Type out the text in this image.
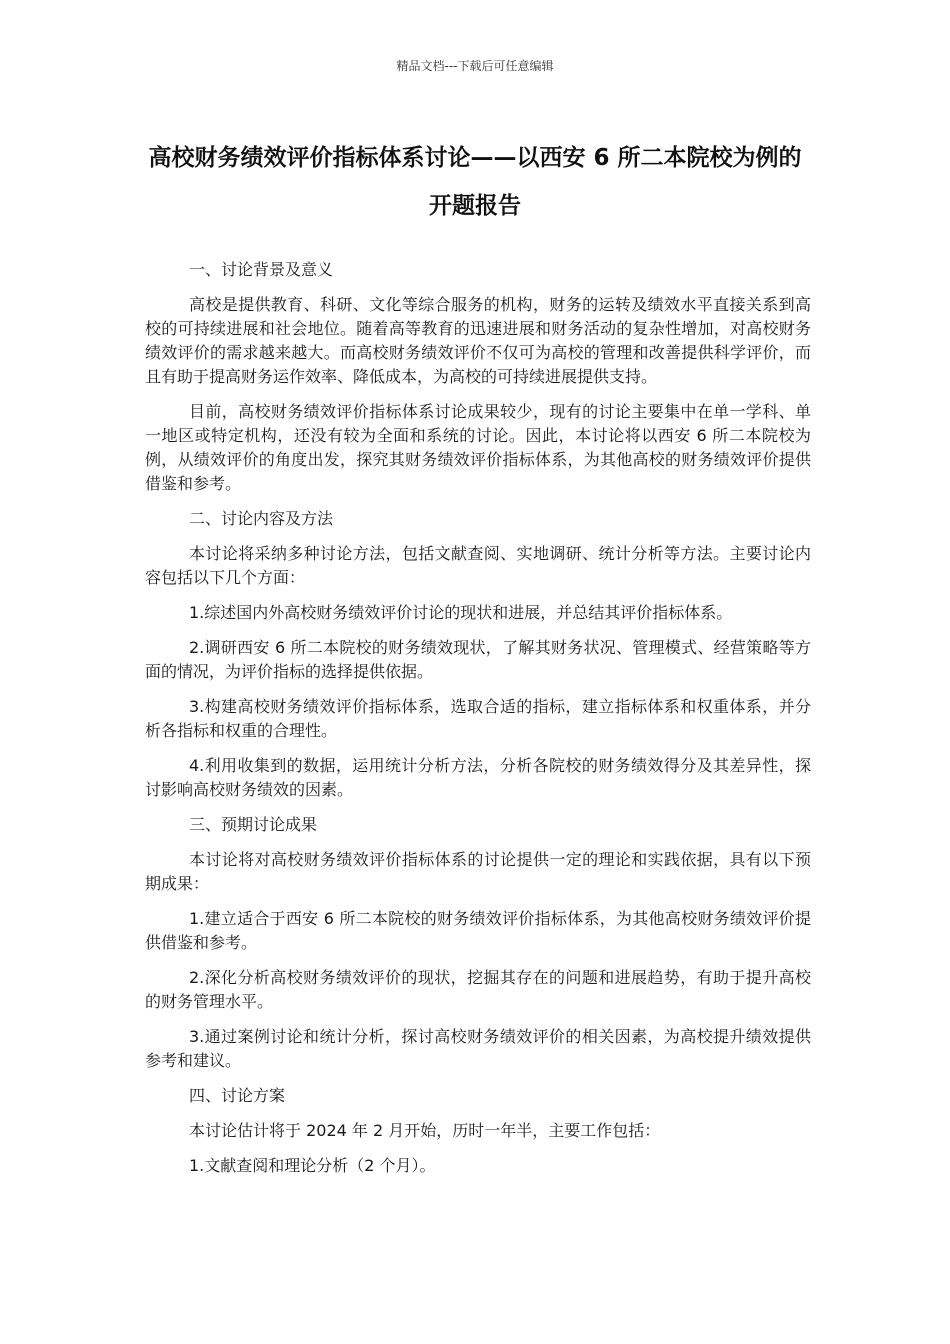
精品文档---下载后可任意编辑
高校财务绩效评价指标体系讨论——以西安 6 所二本院校为例的开题报告

一、讨论背景及意义

高校是提供教育、科研、文化等综合服务的机构，财务的运转及绩效水平直接关系到高校的可持续进展和社会地位。随着高等教育的迅速进展和财务活动的复杂性增加，对高校财务绩效评价的需求越来越大。而高校财务绩效评价不仅可为高校的管理和改善提供科学评价，而且有助于提高财务运作效率、降低成本，为高校的可持续进展提供支持。

目前，高校财务绩效评价指标体系讨论成果较少，现有的讨论主要集中在单一学科、单一地区或特定机构，还没有较为全面和系统的讨论。因此，本讨论将以西安 6 所二本院校为例，从绩效评价的角度出发，探究其财务绩效评价指标体系，为其他高校的财务绩效评价提供借鉴和参考。

二、讨论内容及方法

本讨论将采纳多种讨论方法，包括文献查阅、实地调研、统计分析等方法。主要讨论内容包括以下几个方面：

1.综述国内外高校财务绩效评价讨论的现状和进展，并总结其评价指标体系。

2.调研西安 6 所二本院校的财务绩效现状，了解其财务状况、管理模式、经营策略等方面的情况，为评价指标的选择提供依据。

3.构建高校财务绩效评价指标体系，选取合适的指标，建立指标体系和权重体系，并分析各指标和权重的合理性。

4.利用收集到的数据，运用统计分析方法，分析各院校的财务绩效得分及其差异性，探讨影响高校财务绩效的因素。

三、预期讨论成果

本讨论将对高校财务绩效评价指标体系的讨论提供一定的理论和实践依据，具有以下预期成果：

1.建立适合于西安 6 所二本院校的财务绩效评价指标体系，为其他高校财务绩效评价提供借鉴和参考。

2.深化分析高校财务绩效评价的现状，挖掘其存在的问题和进展趋势，有助于提升高校的财务管理水平。

3.通过案例讨论和统计分析，探讨高校财务绩效评价的相关因素，为高校提升绩效提供参考和建议。

四、讨论方案

本讨论估计将于 2024 年 2 月开始，历时一年半，主要工作包括：

1.文献查阅和理论分析（2 个月）。
